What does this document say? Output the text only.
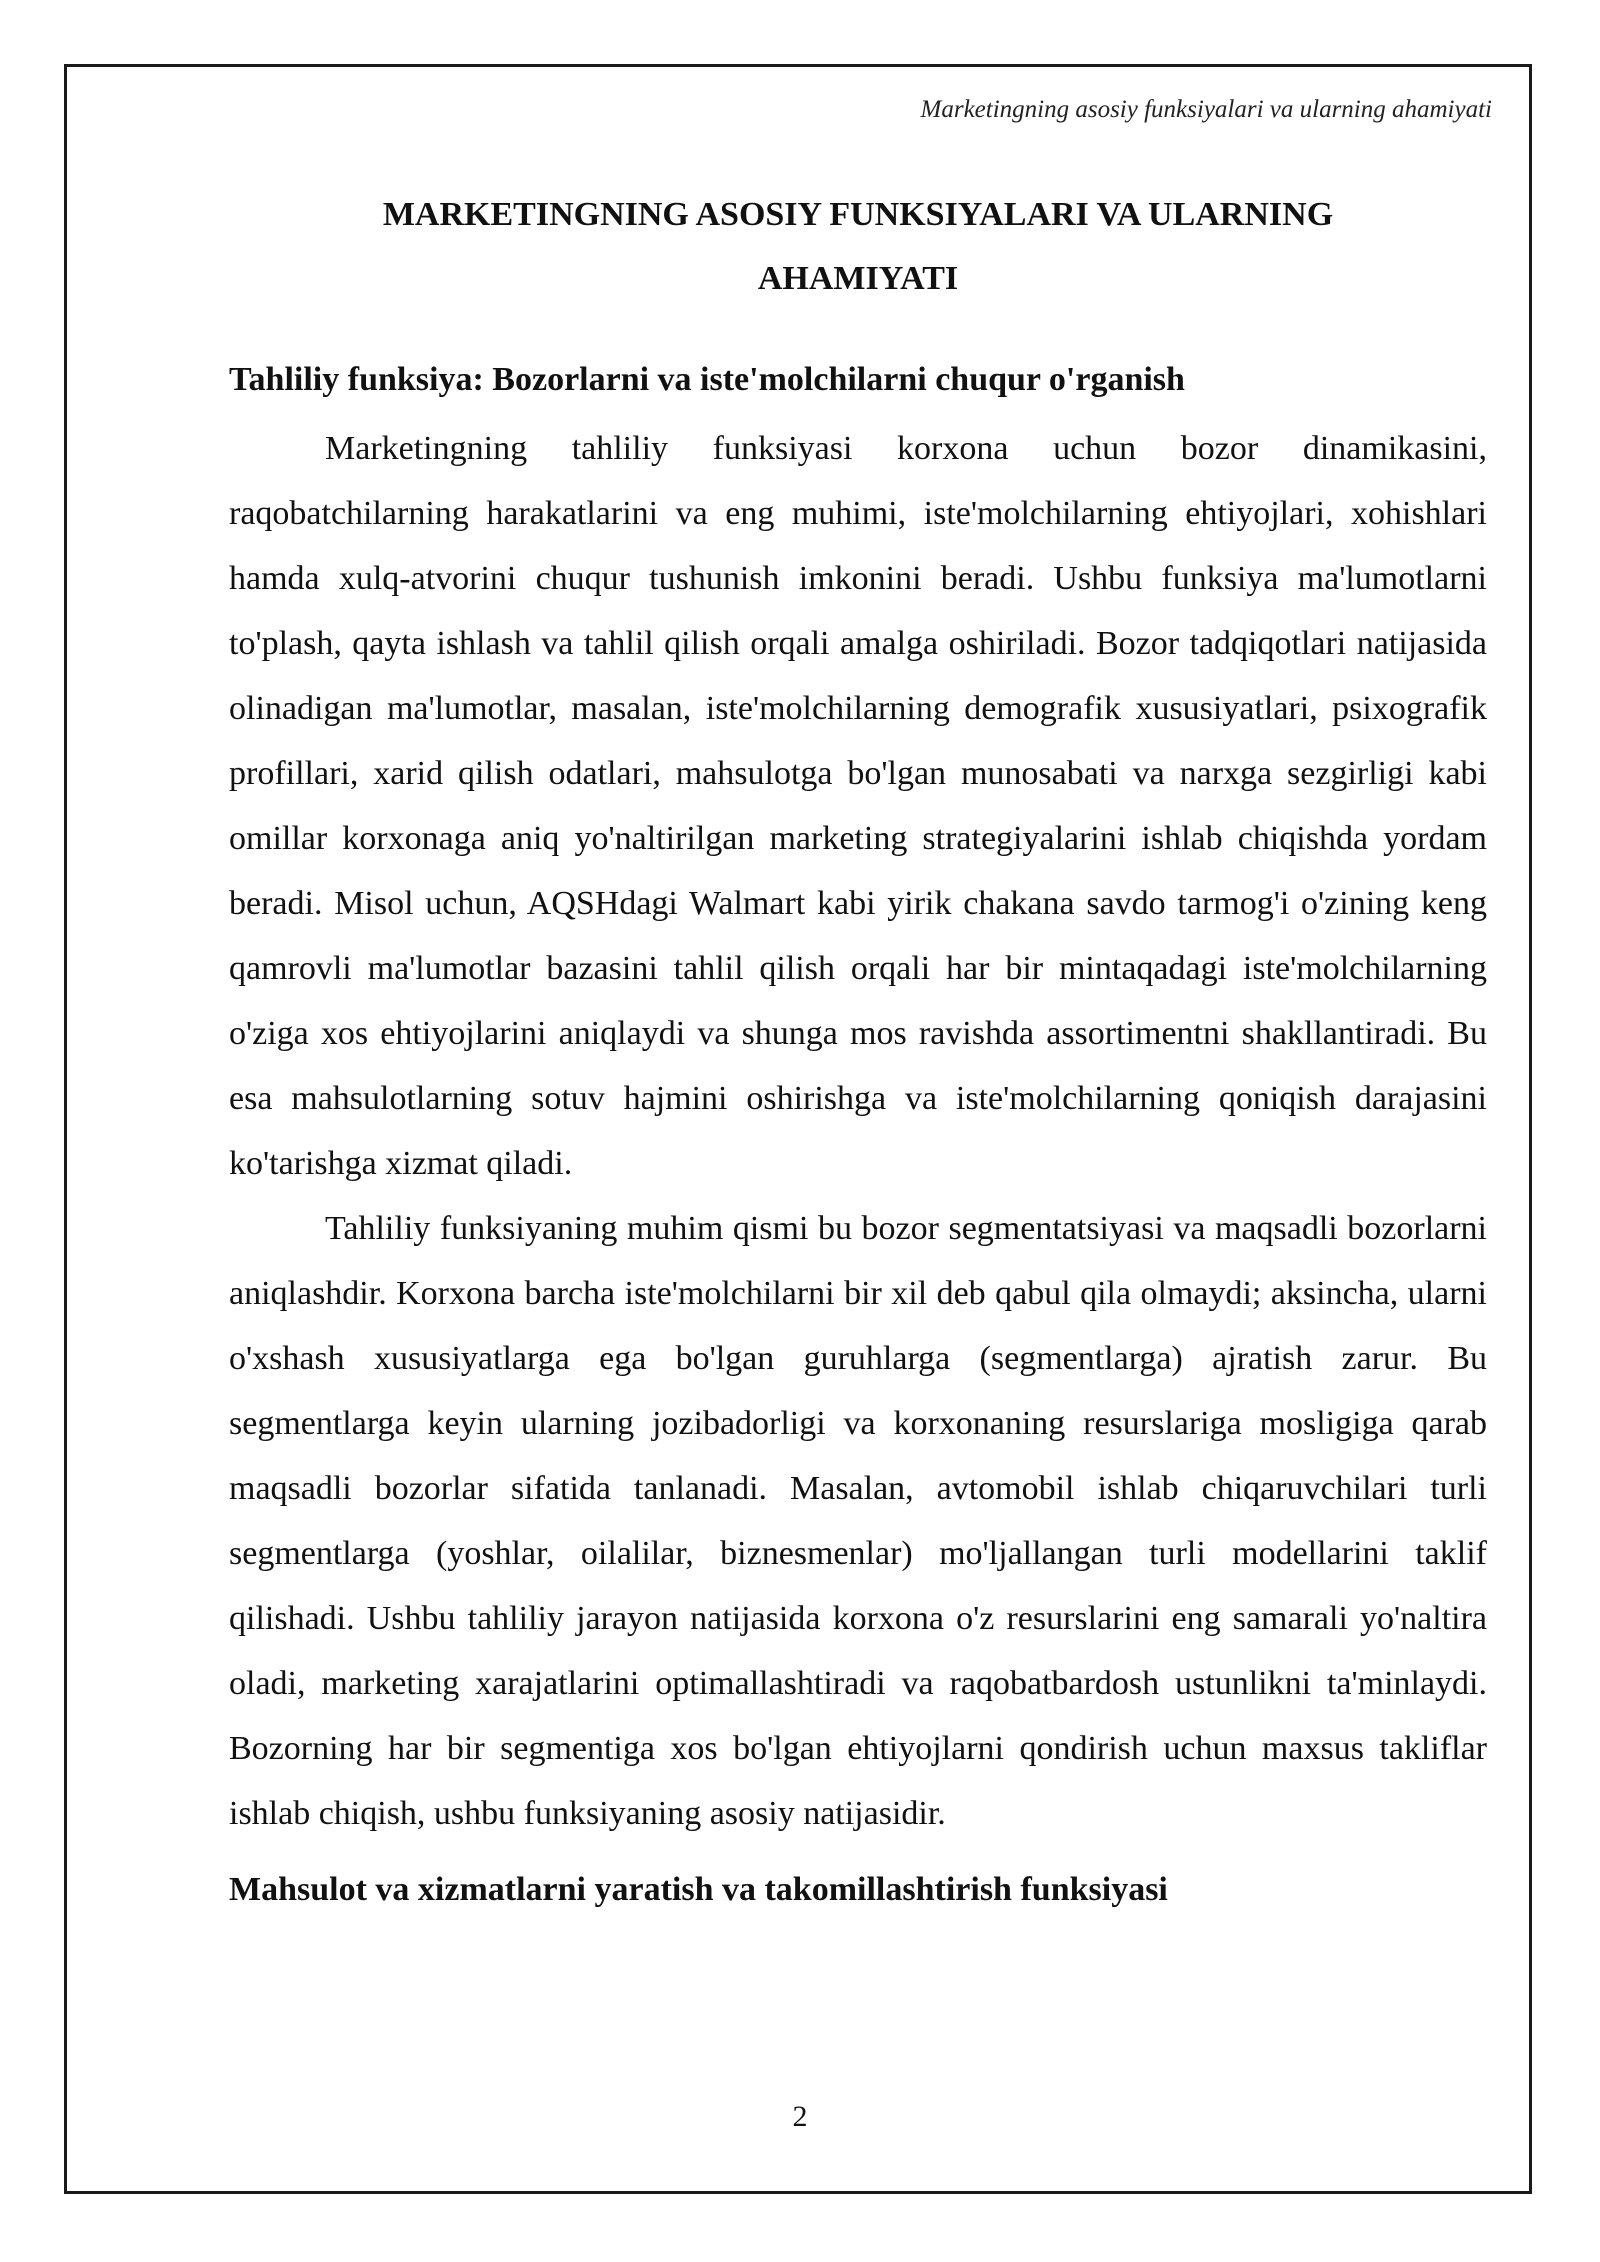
Marketingning asosiy funksiyalari va ularning ahamiyati
MARKETINGNING ASOSIY FUNKSIYALARI VA ULARNING
AHAMIYATI
Tahliliy funksiya: Bozorlarni va iste'molchilarni chuqur o'rganish

Marketingning tahliliy funksiyasi korxona uchun bozor dinamikasini, raqobatchilarning harakatlarini va eng muhimi, iste'molchilarning ehtiyojlari, xohishlari hamda xulq-atvorini chuqur tushunish imkonini beradi. Ushbu funksiya ma'lumotlarni to'plash, qayta ishlash va tahlil qilish orqali amalga oshiriladi. Bozor tadqiqotlari natijasida olinadigan ma'lumotlar, masalan, iste'molchilarning demografik xususiyatlari, psixografik profillari, xarid qilish odatlari, mahsulotga bo'lgan munosabati va narxga sezgirligi kabi omillar korxonaga aniq yo'naltirilgan marketing strategiyalarini ishlab chiqishda yordam beradi. Misol uchun, AQSHdagi Walmart kabi yirik chakana savdo tarmog'i o'zining keng qamrovli ma'lumotlar bazasini tahlil qilish orqali har bir mintaqadagi iste'molchilarning o'ziga xos ehtiyojlarini aniqlaydi va shunga mos ravishda assortimentni shakllantiradi. Bu esa mahsulotlarning sotuv hajmini oshirishga va iste'molchilarning qoniqish darajasini ko'tarishga xizmat qiladi.

Tahliliy funksiyaning muhim qismi bu bozor segmentatsiyasi va maqsadli bozorlarni aniqlashdir. Korxona barcha iste'molchilarni bir xil deb qabul qila olmaydi; aksincha, ularni o'xshash xususiyatlarga ega bo'lgan guruhlarga (segmentlarga) ajratish zarur. Bu segmentlarga keyin ularning jozibadorligi va korxonaning resurslariga mosligiga qarab maqsadli bozorlar sifatida tanlanadi. Masalan, avtomobil ishlab chiqaruvchilari turli segmentlarga (yoshlar, oilalilar, biznesmenlar) mo'ljallangan turli modellarini taklif qilishadi. Ushbu tahliliy jarayon natijasida korxona o'z resurslarini eng samarali yo'naltira oladi, marketing xarajatlarini optimallashtiradi va raqobatbardosh ustunlikni ta'minlaydi. Bozorning har bir segmentiga xos bo'lgan ehtiyojlarni qondirish uchun maxsus takliflar ishlab chiqish, ushbu funksiyaning asosiy natijasidir.

Mahsulot va xizmatlarni yaratish va takomillashtirish funksiyasi
2
